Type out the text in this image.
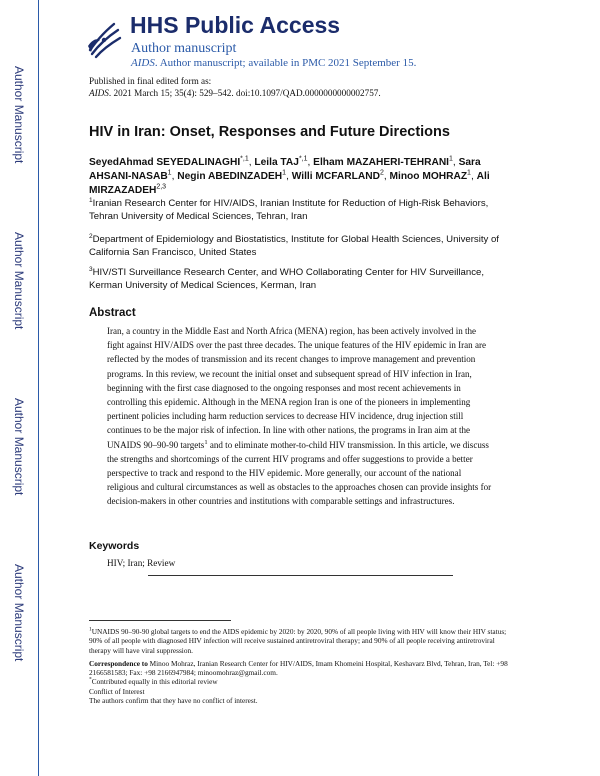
Author Manuscript
Author Manuscript
Author Manuscript
Author Manuscript
HHS Public Access
Author manuscript
AIDS. Author manuscript; available in PMC 2021 September 15.
Published in final edited form as:
AIDS. 2021 March 15; 35(4): 529–542. doi:10.1097/QAD.0000000000002757.
HIV in Iran: Onset, Responses and Future Directions
SeyedAhmad $SEYEDALINAGHI^{*,1}$, Leila $TAJ^{*,1}$, Elham MAZAHERI-TEHRANI$^1$, Sara AHSANI-NASAB$^1$, Negin ABEDINZADEH$^1$, Willi MCFARLAND$^2$, Minoo MOHRAZ$^1$, Ali MIRZAZADEH$^{2,3}$
$^1$Iranian Research Center for HIV/AIDS, Iranian Institute for Reduction of High-Risk Behaviors, Tehran University of Medical Sciences, Tehran, Iran
$^2$Department of Epidemiology and Biostatistics, Institute for Global Health Sciences, University of California San Francisco, United States
$^3$HIV/STI Surveillance Research Center, and WHO Collaborating Center for HIV Surveillance, Kerman University of Medical Sciences, Kerman, Iran
Abstract

Iran, a country in the Middle East and North Africa (MENA) region, has been actively involved in the fight against HIV/AIDS over the past three decades. The unique features of the HIV epidemic in Iran are reflected by the modes of transmission and its recent changes to improve management and prevention programs. In this review, we recount the initial onset and subsequent spread of HIV infection in Iran, beginning with the first case diagnosed to the ongoing responses and most recent achievements in controlling this epidemic. Although in the MENA region Iran is one of the pioneers in implementing pertinent policies including harm reduction services to decrease HIV incidence, drug injection still continues to be the major risk of infection. In line with other nations, the programs in Iran aim at the UNAIDS 90–90-90 targets$^1$ and to eliminate mother-to-child HIV transmission. In this article, we discuss the strengths and shortcomings of the current HIV programs and offer suggestions to provide a better perspective to track and respond to the HIV epidemic. More generally, our account of the national religious and cultural circumstances as well as obstacles to the approaches chosen can provide insights for decision-makers in other countries and institutions with comparable settings and infrastructures.

Keywords
HIV; Iran; Review

$^1$UNAIDS 90–90-90 global targets to end the AIDS epidemic by 2020: by 2020, 90% of all people living with HIV will know their HIV status; 90% of all people with diagnosed HIV infection will receive sustained antiretroviral therapy; and 90% of all people receiving antiretroviral therapy will have viral suppression.

Correspondence to Minoo Mohraz, Iranian Research Center for HIV/AIDS, Imam Khomeini Hospital, Keshavarz Blvd, Tehran, Iran, Tel: +98 2166581583; Fax: +98 2166947984; minoomohraz@gmail.com.

*Contributed equally in this editorial review

Conflict of Interest

The authors confirm that they have no conflict of interest.
